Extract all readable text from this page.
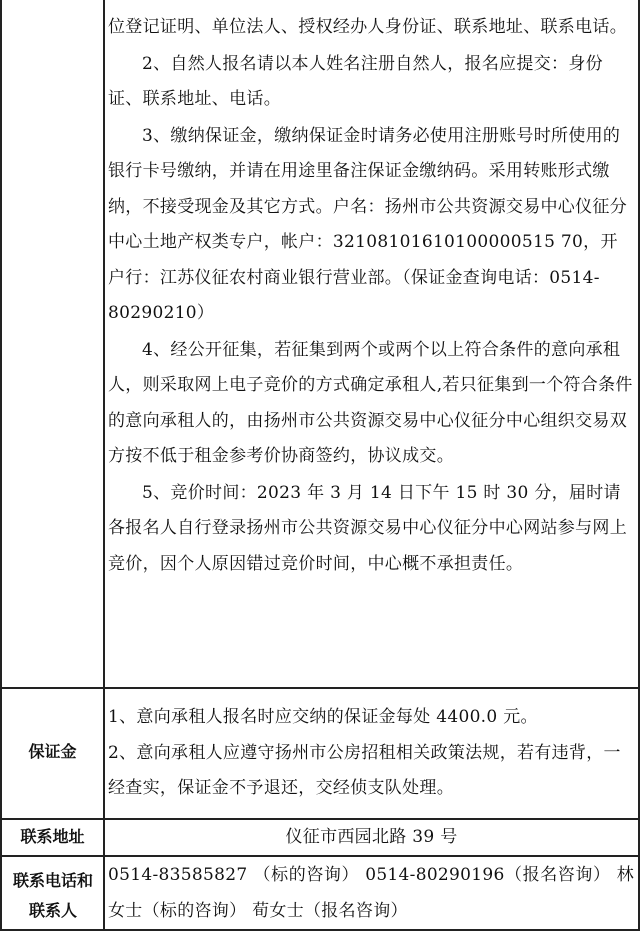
位登记证明、单位法人、授权经办人身份证、联系地址、联系电话。

2、自然人报名请以本人姓名注册自然人，报名应提交：身份证、联系地址、电话。

3、缴纳保证金，缴纳保证金时请务必使用注册账号时所使用的银行卡号缴纳，并请在用途里备注保证金缴纳码。采用转账形式缴纳，不接受现金及其它方式。户名：扬州市公共资源交易中心仪征分中心土地产权类专户，帐户：32108101610100000515 70，开户行：江苏仪征农村商业银行营业部。（保证金查询电话：0514-80290210）

4、经公开征集，若征集到两个或两个以上符合条件的意向承租人，则采取网上电子竞价的方式确定承租人,若只征集到一个符合条件的意向承租人的，由扬州市公共资源交易中心仪征分中心组织交易双方按不低于租金参考价协商签约，协议成交。

5、竞价时间：2023 年 3 月 14 日下午 15 时 30 分，届时请各报名人自行登录扬州市公共资源交易中心仪征分中心网站参与网上竞价，因个人原因错过竞价时间，中心概不承担责任。

保证金

1、意向承租人报名时应交纳的保证金每处 4400.0 元。

2、意向承租人应遵守扬州市公房招租相关政策法规，若有违背，一经查实，保证金不予退还，交经侦支队处理。

联系地址	仪征市西园北路 39 号
联系电话和联系人
0514-83585827 （标的咨询） 0514-80290196（报名咨询） 林女士（标的咨询） 荀女士（报名咨询）
